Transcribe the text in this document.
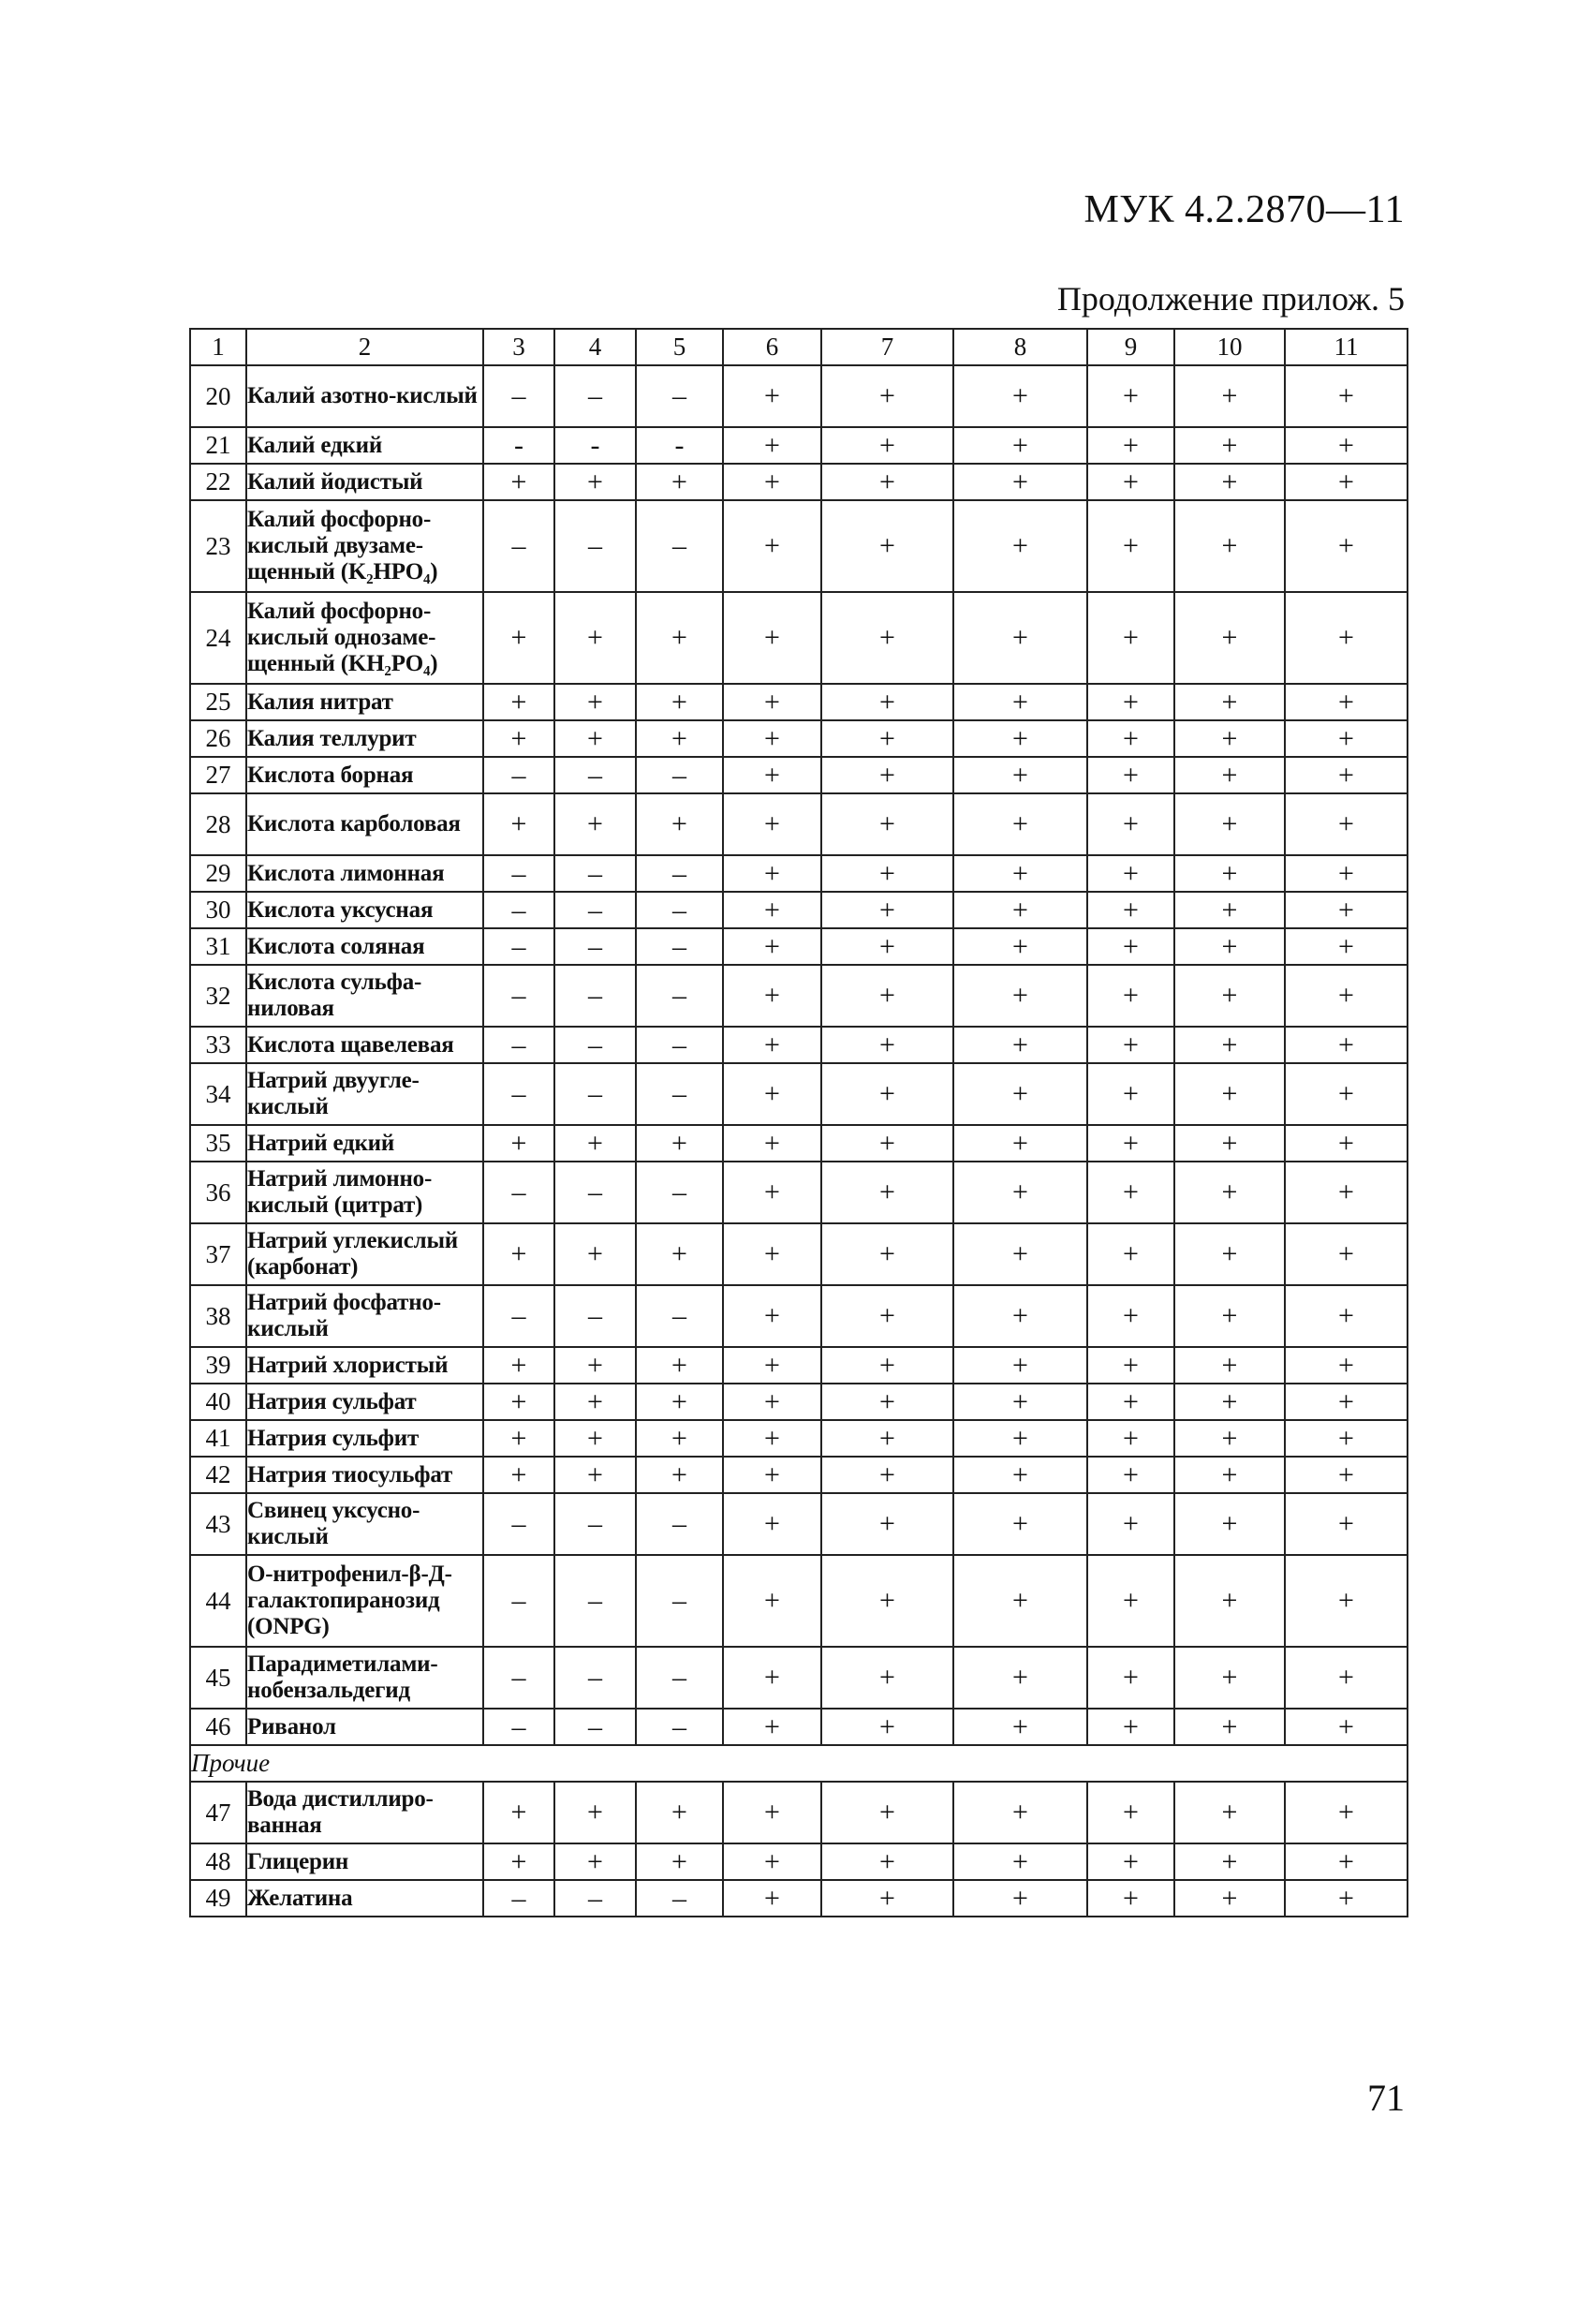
МУК 4.2.2870—11
Продолжение прилож. 5
1	2	3	4	5	6	7	8	9	10	11
20	Калий азотно-кислый	–	–	–	+	+	+	+	+	+
21	Калий едкий	-	-	-	+	+	+	+	+	+
22	Калий йодистый	+	+	+	+	+	+	+	+	+
23	Калий фосфорно-кислый двузаме-щенный (K₂HPO₄)	–	–	–	+	+	+	+	+	+
24	Калий фосфорно-кислый однозаме-щенный (KH₂PO₄)	+	+	+	+	+	+	+	+	+
25	Калия нитрат	+	+	+	+	+	+	+	+	+
26	Калия теллурит	+	+	+	+	+	+	+	+	+
27	Кислота борная	–	–	–	+	+	+	+	+	+
28	Кислота карболовая	+	+	+	+	+	+	+	+	+
29	Кислота лимонная	–	–	–	+	+	+	+	+	+
30	Кислота уксусная	–	–	–	+	+	+	+	+	+
31	Кислота соляная	–	–	–	+	+	+	+	+	+
32	Кислота сульфа-ниловая	–	–	–	+	+	+	+	+	+
33	Кислота щавелевая	–	–	–	+	+	+	+	+	+
34	Натрий двуугле-кислый	–	–	–	+	+	+	+	+	+
35	Натрий едкий	+	+	+	+	+	+	+	+	+
36	Натрий лимонно-кислый (цитрат)	–	–	–	+	+	+	+	+	+
37	Натрий углекислый (карбонат)	+	+	+	+	+	+	+	+	+
38	Натрий фосфатно-кислый	–	–	–	+	+	+	+	+	+
39	Натрий хлористый	+	+	+	+	+	+	+	+	+
40	Натрия сульфат	+	+	+	+	+	+	+	+	+
41	Натрия сульфит	+	+	+	+	+	+	+	+	+
42	Натрия тиосульфат	+	+	+	+	+	+	+	+	+
43	Свинец уксусно-кислый	–	–	–	+	+	+	+	+	+
44	О-нитрофенил-β-Д-галактопиранозид (ONPG)	–	–	–	+	+	+	+	+	+
45	Парадиметилами-нобензальдегид	–	–	–	+	+	+	+	+	+
46	Риванол	–	–	–	+	+	+	+	+	+
Прочие										
47	Вода дистиллиро-ванная	+	+	+	+	+	+	+	+	+
48	Глицерин	+	+	+	+	+	+	+	+	+
49	Желатина	–	–	–	+	+	+	+	+	+
71
